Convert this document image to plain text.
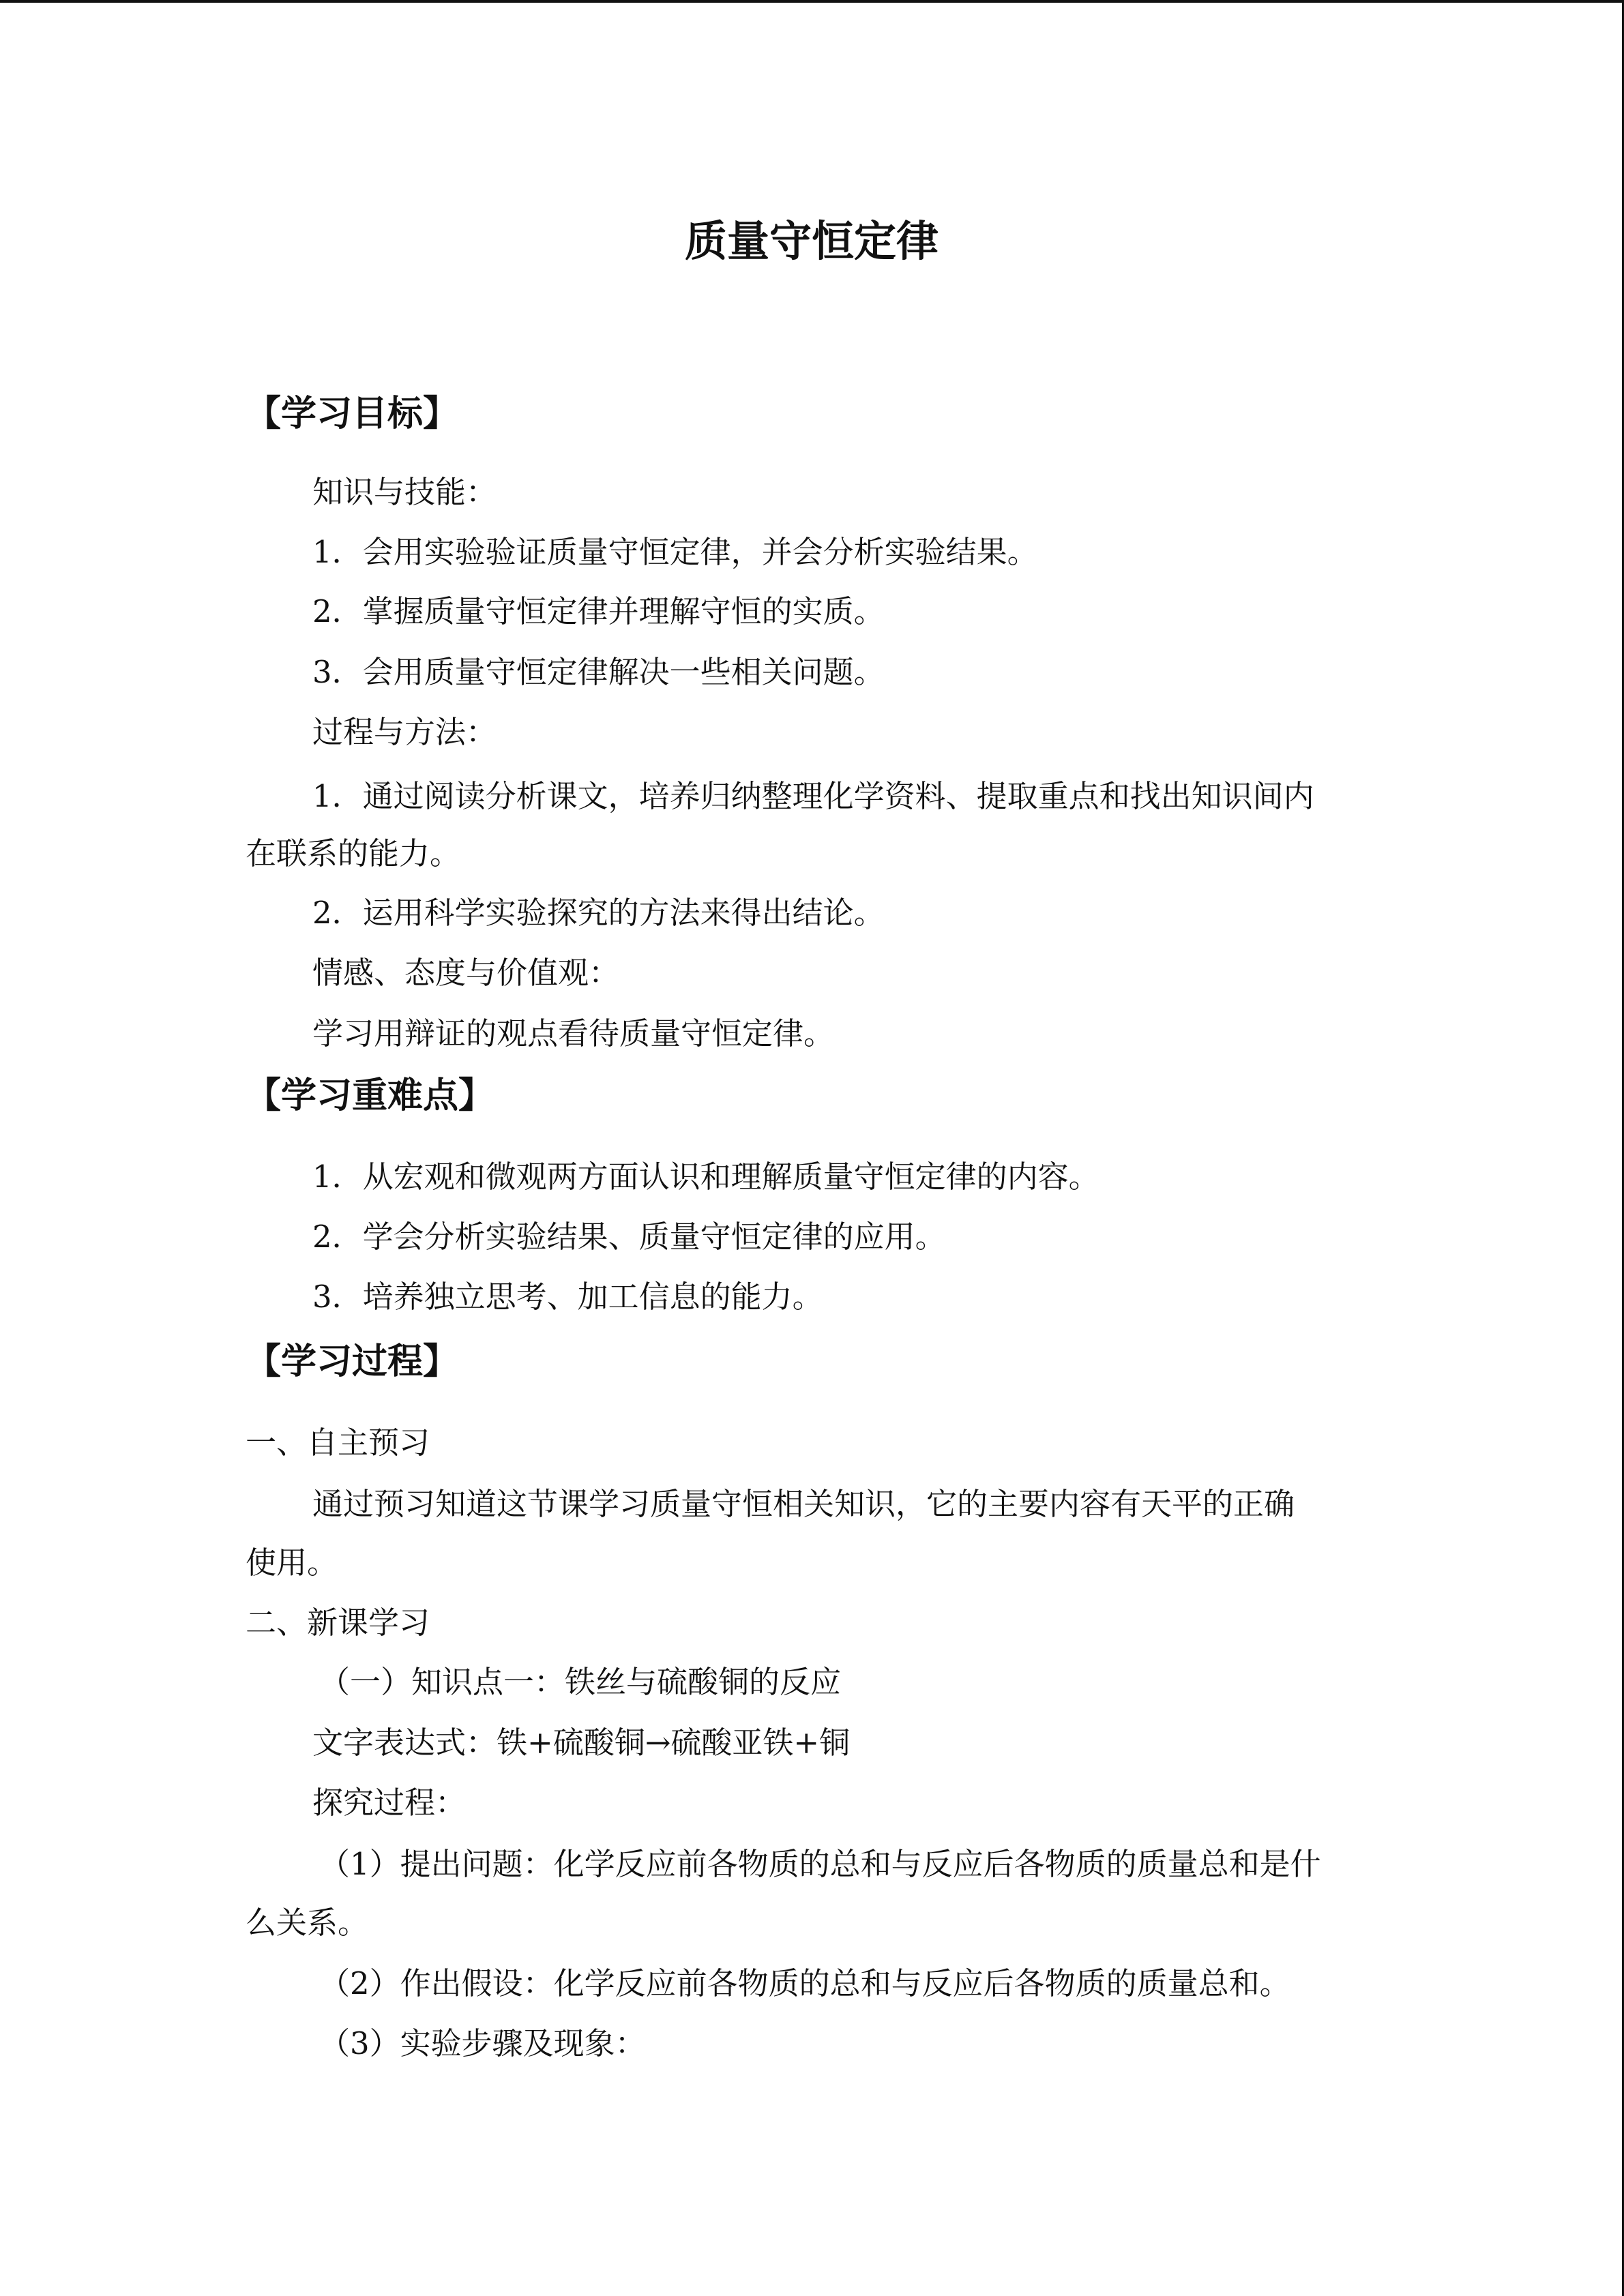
质量守恒定律
【学习目标】
知识与技能：
1．会用实验验证质量守恒定律，并会分析实验结果。
2．掌握质量守恒定律并理解守恒的实质。
3．会用质量守恒定律解决一些相关问题。
过程与方法：
1．通过阅读分析课文，培养归纳整理化学资料、提取重点和找出知识间内
在联系的能力。
2．运用科学实验探究的方法来得出结论。
情感、态度与价值观：
学习用辩证的观点看待质量守恒定律。
【学习重难点】
1．从宏观和微观两方面认识和理解质量守恒定律的内容。
2．学会分析实验结果、质量守恒定律的应用。
3．培养独立思考、加工信息的能力。
【学习过程】
一、自主预习
通过预习知道这节课学习质量守恒相关知识，它的主要内容有天平的正确
使用。
二、新课学习
（一）知识点一：铁丝与硫酸铜的反应
文字表达式：铁+硫酸铜→硫酸亚铁+铜
探究过程：
（1）提出问题：化学反应前各物质的总和与反应后各物质的质量总和是什
么关系。
（2）作出假设：化学反应前各物质的总和与反应后各物质的质量总和。
（3）实验步骤及现象：
